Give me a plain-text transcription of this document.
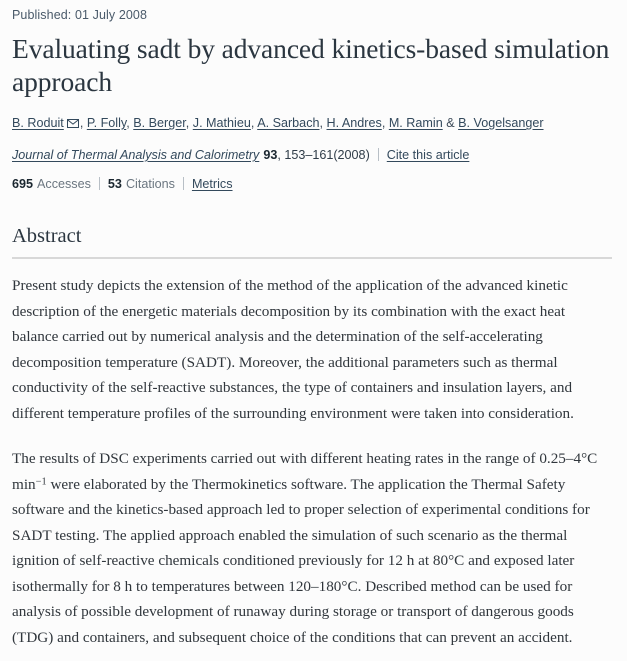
Published: 01 July 2008
Evaluating sadt by advanced kinetics-based simulation approach
B. Roduit , P. Folly, B. Berger, J. Mathieu, A. Sarbach, H. Andres, M. Ramin & B. Vogelsanger
Journal of Thermal Analysis and Calorimetry 93, 153–161(2008) Cite this article
695 Accesses 53 Citations Metrics
Abstract

Present study depicts the extension of the method of the application of the advanced kinetic description of the energetic materials decomposition by its combination with the exact heat balance carried out by numerical analysis and the determination of the self-accelerating decomposition temperature (SADT). Moreover, the additional parameters such as thermal conductivity of the self-reactive substances, the type of containers and insulation layers, and different temperature profiles of the surrounding environment were taken into consideration.

The results of DSC experiments carried out with different heating rates in the range of 0.25–4°C $\min^{-1}$ were elaborated by the Thermokinetics software. The application the Thermal Safety software and the kinetics-based approach led to proper selection of experimental conditions for SADT testing. The applied approach enabled the simulation of such scenario as the thermal ignition of self-reactive chemicals conditioned previously for 12 h at 80°C and exposed later isothermally for 8 h to temperatures between 120–180°C. Described method can be used for analysis of possible development of runaway during storage or transport of dangerous goods (TDG) and containers, and subsequent choice of the conditions that can prevent an accident.
